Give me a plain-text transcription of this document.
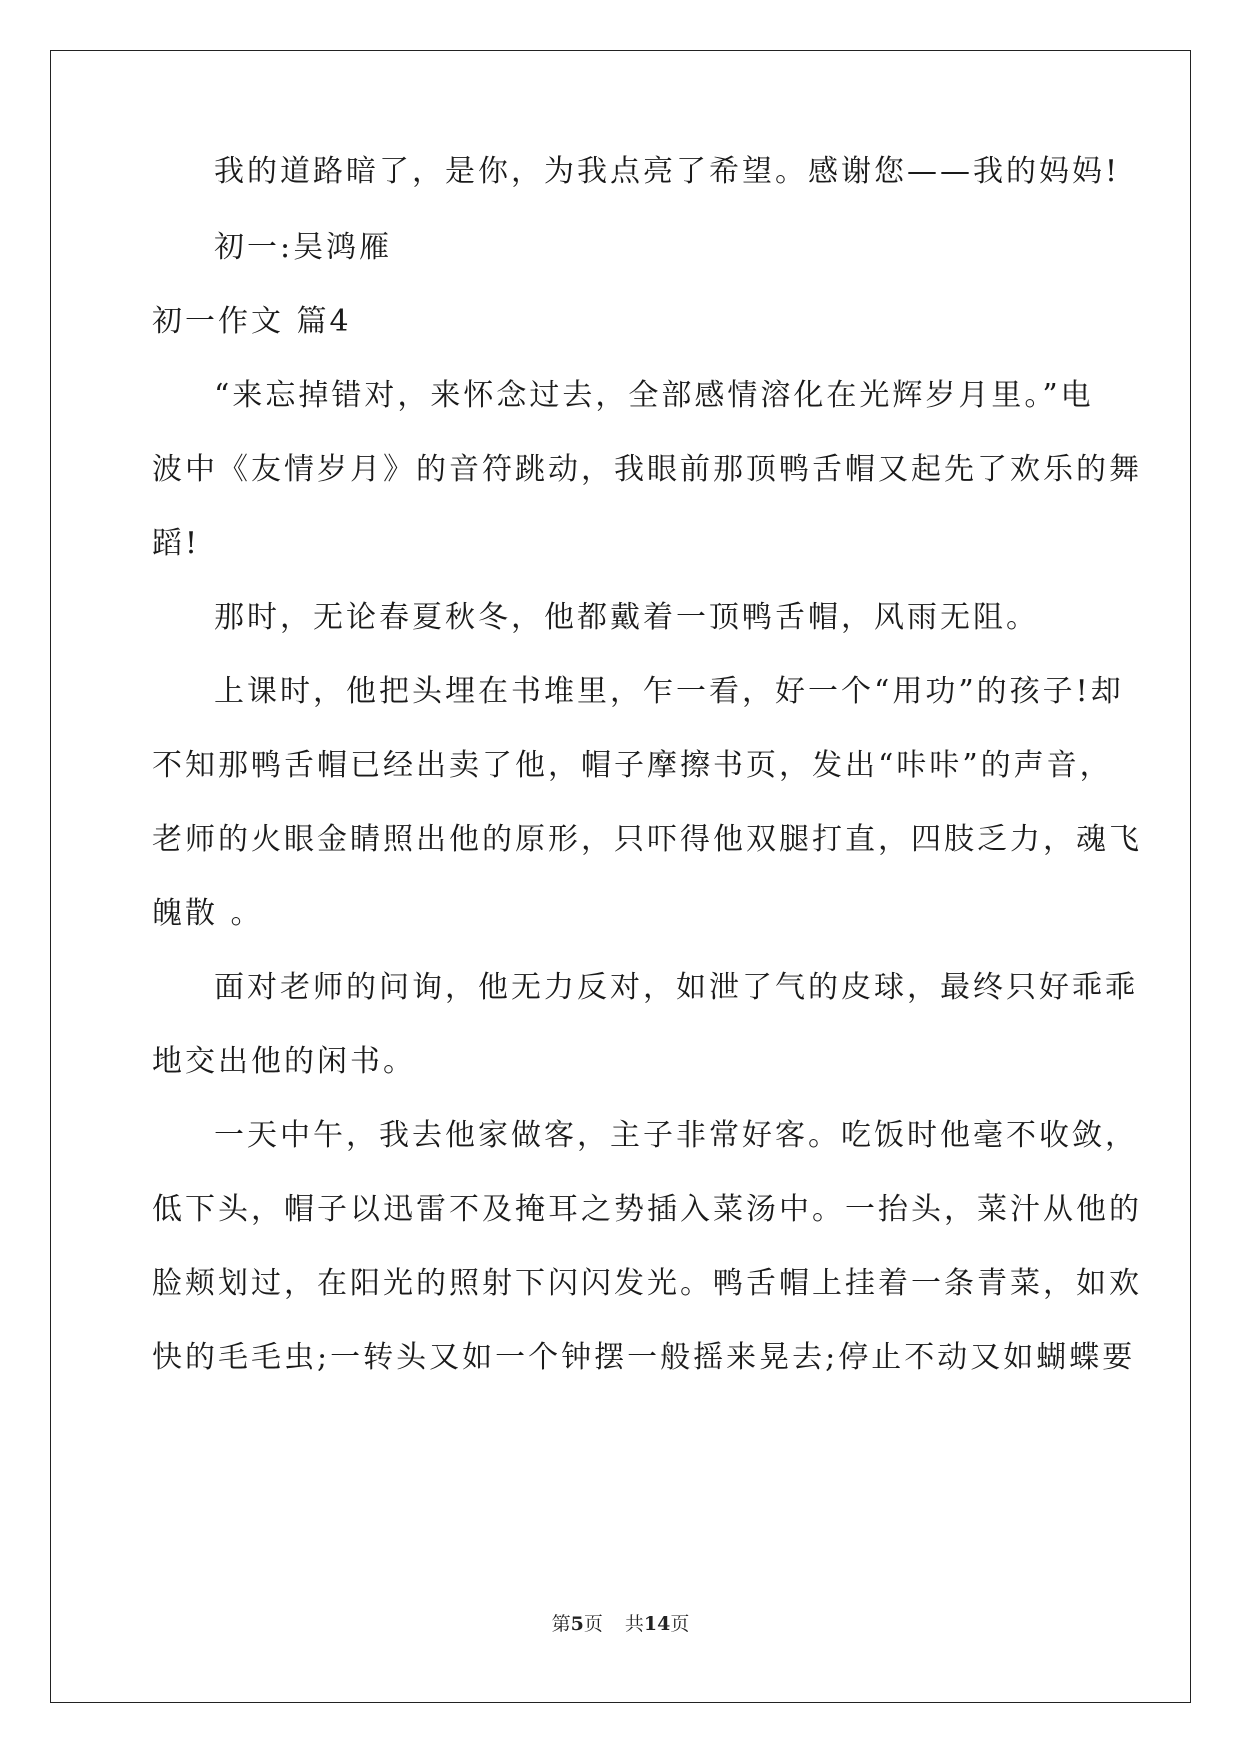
我的道路暗了，是你，为我点亮了希望。感谢您——我的妈妈!
初一:吴鸿雁
初一作文 篇4
“来忘掉错对，来怀念过去，全部感情溶化在光辉岁月里。”电
波中《友情岁月》的音符跳动，我眼前那顶鸭舌帽又起先了欢乐的舞
蹈!
那时，无论春夏秋冬，他都戴着一顶鸭舌帽，风雨无阻。
上课时，他把头埋在书堆里，乍一看，好一个“用功”的孩子!却
不知那鸭舌帽已经出卖了他，帽子摩擦书页，发出“咔咔”的声音，
老师的火眼金睛照出他的原形，只吓得他双腿打直，四肢乏力，魂飞
魄散 。
面对老师的问询，他无力反对，如泄了气的皮球，最终只好乖乖
地交出他的闲书。
一天中午，我去他家做客，主子非常好客。吃饭时他毫不收敛，
低下头，帽子以迅雷不及掩耳之势插入菜汤中。一抬头，菜汁从他的
脸颊划过，在阳光的照射下闪闪发光。鸭舌帽上挂着一条青菜，如欢
快的毛毛虫;一转头又如一个钟摆一般摇来晃去;停止不动又如蝴蝶要
第5页 共14页
